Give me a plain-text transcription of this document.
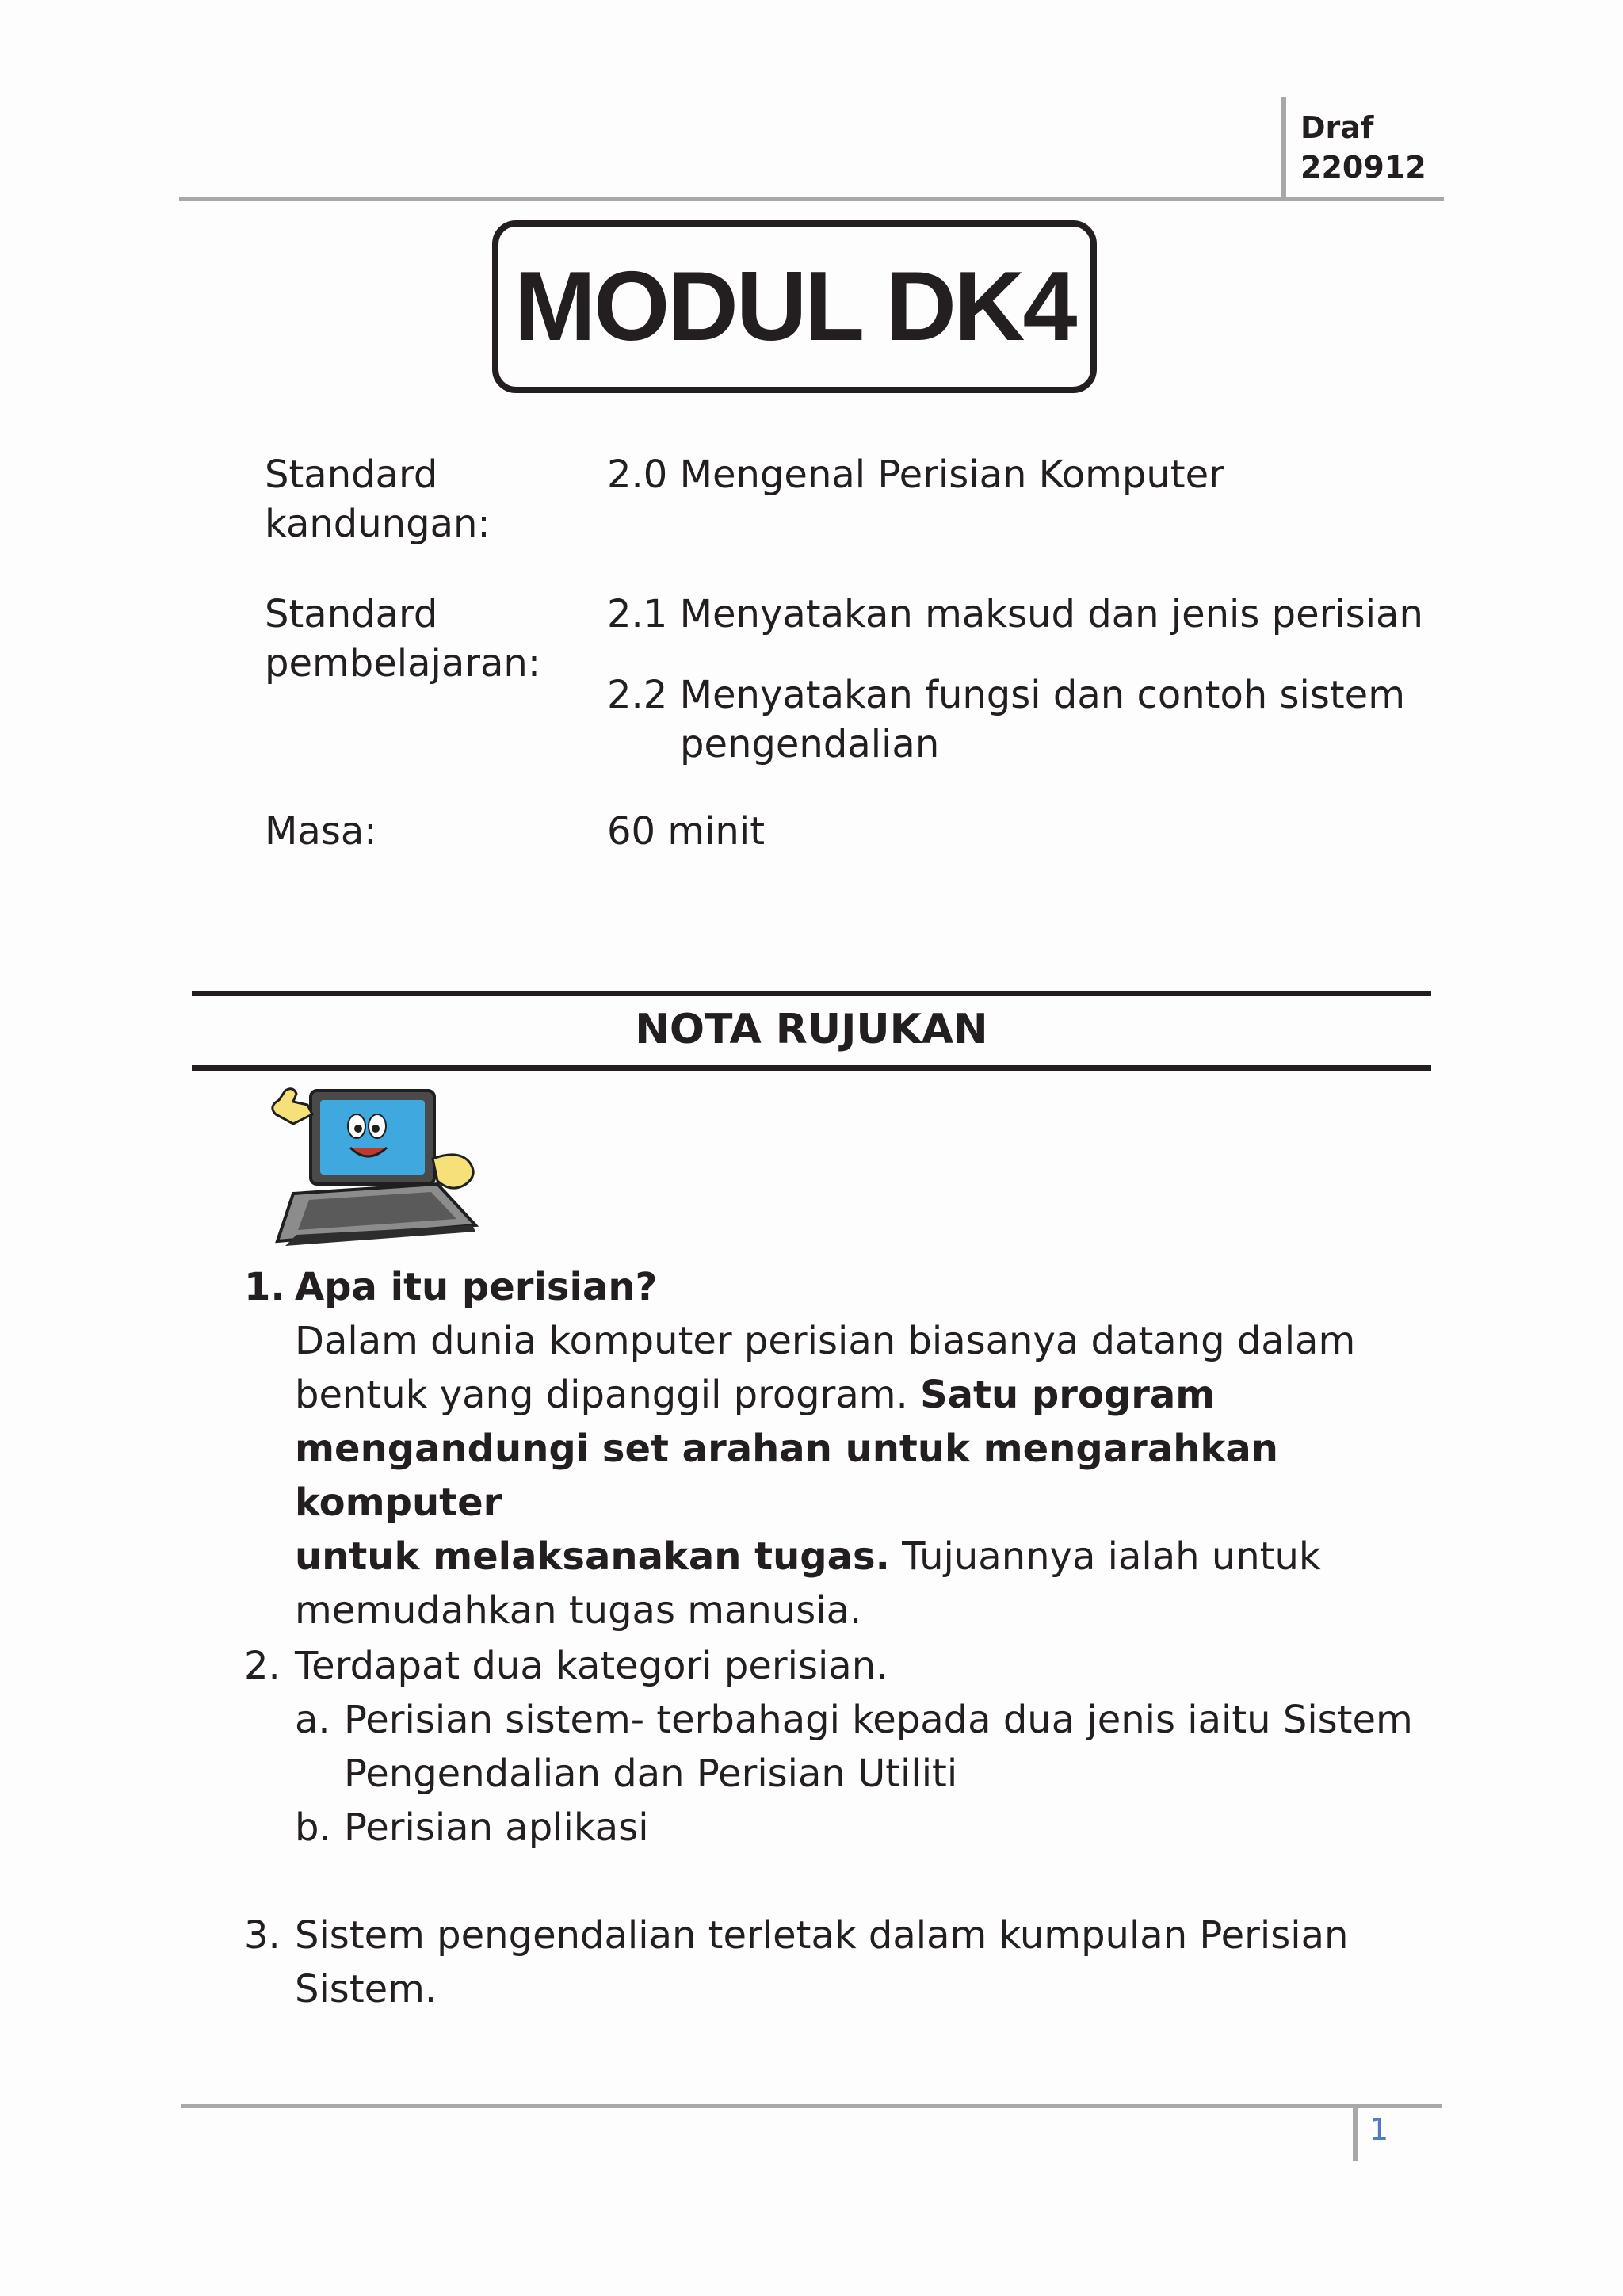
Draf
220912
MODUL DK4
Standard
kandungan:
2.0 Mengenal Perisian Komputer
Standard
pembelajaran:
2.1 Menyatakan maksud dan jenis perisian
2.2 Menyatakan fungsi dan contoh sistem
pengendalian
Masa:	60 minit
NOTA RUJUKAN
1. Apa itu perisian?
Dalam dunia komputer perisian biasanya datang dalam
bentuk yang dipanggil program. Satu program
mengandungi set arahan untuk mengarahkan komputer
untuk melaksanakan tugas. Tujuannya ialah untuk
memudahkan tugas manusia.
2. Terdapat dua kategori perisian.
a. Perisian sistem- terbahagi kepada dua jenis iaitu Sistem
Pengendalian dan Perisian Utiliti
b. Perisian aplikasi
3. Sistem pengendalian terletak dalam kumpulan Perisian
Sistem.
1
